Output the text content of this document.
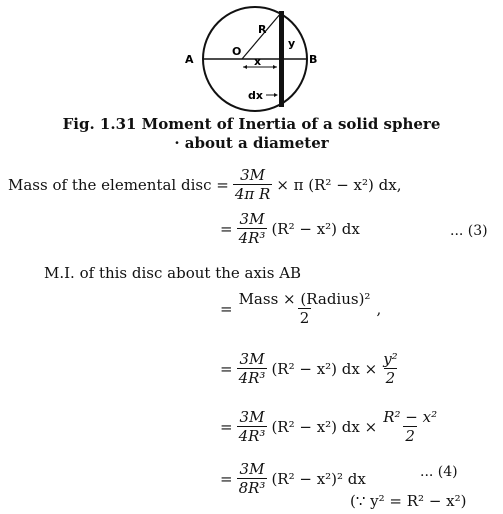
A	B
O
R
x
y
dx
Fig. 1.31 Moment of Inertia of a solid sphere
· about a diameter
Mass of the elemental disc = $\frac{3M}{\text{4π R}} \times \pi$ (R² − x²) dx,
= $\frac{3M}{\text{4R³}} (R^2 - x^2)$ dx	... (3)
M.I. of this disc about the axis AB
= $\frac{\text{Mass × (Radius)²}}{2}$ ,
= $\frac{3M}{\text{4R³}} (R^2 - x^2)$ dx × $\frac{\text{y²}}{2}$
= $\frac{3M}{\text{4R³}} (R^2 - x^2)$ dx × $\frac{\text{R² − x²}}{2}$
= $\frac{3M}{\text{8R³}} (R^2 - x^2)^2$ dx	... (4)
(∵ y² = R² − x²)
